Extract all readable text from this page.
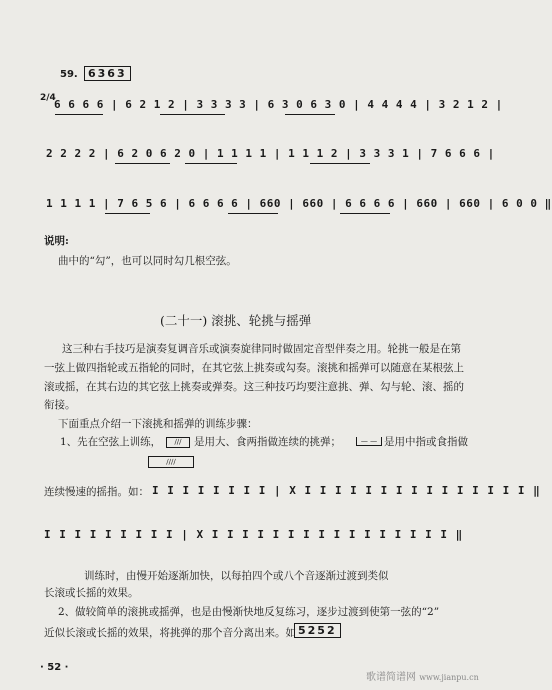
59. 6363
2/4
6 6 6 6 | 6 2 1 2 | 3 3 3 3 | 6 3 0 6 3 0 | 4 4 4 4 | 3 2 1 2 |
2 2 2 2 | 6 2 0 6 2 0 | 1 1 1 1 | 1 1 1 2 | 3 3 3 1 | 7 6 6 6 |
1 1 1 1 | 7 6 5 6 | 6 6 6 6 | 660 | 660 | 6 6 6 6 | 660 | 660 | 6 0 0 ‖
说明:
曲中的“勾”，也可以同时勾几根空弦。
(二十一) 滚挑、轮挑与摇弹
这三种右手技巧是演奏复调音乐或演奏旋律同时做固定音型伴奏之用。轮挑一般是在第
一弦上做四指轮或五指轮的同时，在其它弦上挑奏或勾奏。滚挑和摇弹可以随意在某根弦上
滚或摇，在其右边的其它弦上挑奏或弹奏。这三种技巧均要注意挑、弹、勾与轮、滚、摇的
衔接。
下面重点介绍一下滚挑和摇弹的训练步骤：
1、先在空弦上训练，	∕∕∕	是用大、食两指做连续的挑弹；	— — 是用中指或食指做
∕∕∕∕
连续慢速的摇指。如： I I I I I I I I | X I I I I I I I I I I I I I I I ‖
I I I I I I I I I | X I I I I I I I I I I I I I I I I ‖
训练时，由慢开始逐渐加快，以每拍四个或八个音逐渐过渡到类似
长滚或长摇的效果。
2、做较简单的滚挑或摇弹，也是由慢渐快地反复练习，逐步过渡到使第一弦的“2”
近似长滚或长摇的效果，将挑弹的那个音分离出来。如 5252
· 52 ·
歌谱简谱网 www.jianpu.cn
